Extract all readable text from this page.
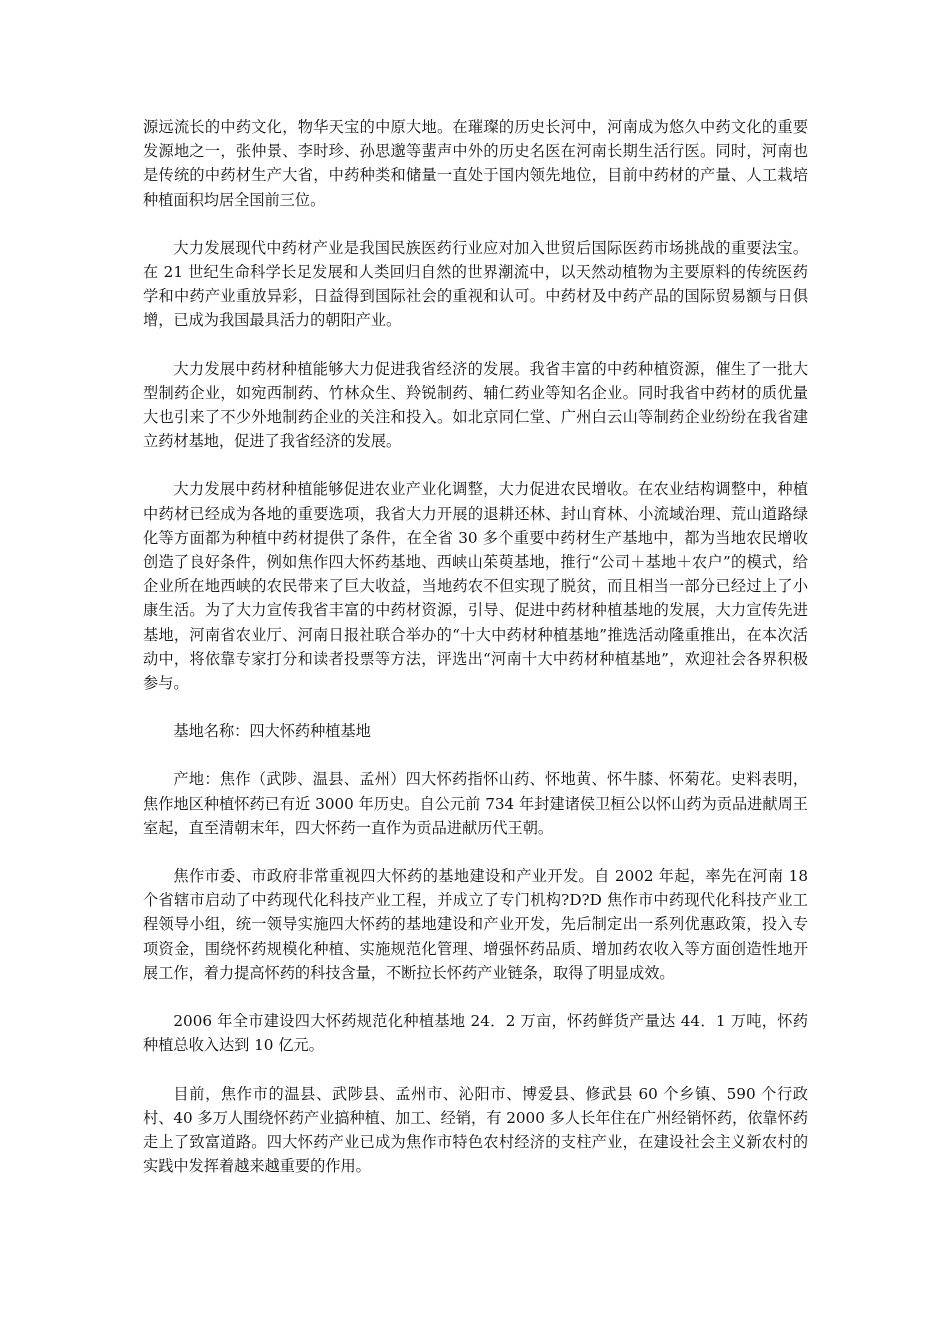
源远流长的中药文化，物华天宝的中原大地。在璀璨的历史长河中，河南成为悠久中药文化的重要发源地之一，张仲景、李时珍、孙思邈等蜚声中外的历史名医在河南长期生活行医。同时，河南也是传统的中药材生产大省，中药种类和储量一直处于国内领先地位，目前中药材的产量、人工栽培种植面积均居全国前三位。

大力发展现代中药材产业是我国民族医药行业应对加入世贸后国际医药市场挑战的重要法宝。在 21 世纪生命科学长足发展和人类回归自然的世界潮流中，以天然动植物为主要原料的传统医药学和中药产业重放异彩，日益得到国际社会的重视和认可。中药材及中药产品的国际贸易额与日俱增，已成为我国最具活力的朝阳产业。

大力发展中药材种植能够大力促进我省经济的发展。我省丰富的中药种植资源，催生了一批大型制药企业，如宛西制药、竹林众生、羚锐制药、辅仁药业等知名企业。同时我省中药材的质优量大也引来了不少外地制药企业的关注和投入。如北京同仁堂、广州白云山等制药企业纷纷在我省建立药材基地，促进了我省经济的发展。

大力发展中药材种植能够促进农业产业化调整，大力促进农民增收。在农业结构调整中，种植中药材已经成为各地的重要选项，我省大力开展的退耕还林、封山育林、小流域治理、荒山道路绿化等方面都为种植中药材提供了条件，在全省 30 多个重要中药材生产基地中，都为当地农民增收创造了良好条件，例如焦作四大怀药基地、西峡山茱萸基地，推行“公司＋基地＋农户”的模式，给企业所在地西峡的农民带来了巨大收益，当地药农不但实现了脱贫，而且相当一部分已经过上了小康生活。为了大力宣传我省丰富的中药材资源，引导、促进中药材种植基地的发展，大力宣传先进基地，河南省农业厅、河南日报社联合举办的“十大中药材种植基地”推选活动隆重推出，在本次活动中，将依靠专家打分和读者投票等方法，评选出“河南十大中药材种植基地”，欢迎社会各界积极参与。

基地名称：四大怀药种植基地

产地：焦作（武陟、温县、孟州）四大怀药指怀山药、怀地黄、怀牛膝、怀菊花。史料表明，焦作地区种植怀药已有近 3000 年历史。自公元前 734 年封建诸侯卫桓公以怀山药为贡品进献周王室起，直至清朝末年，四大怀药一直作为贡品进献历代王朝。

焦作市委、市政府非常重视四大怀药的基地建设和产业开发。自 2002 年起，率先在河南 18 个省辖市启动了中药现代化科技产业工程，并成立了专门机构?D?D 焦作市中药现代化科技产业工程领导小组，统一领导实施四大怀药的基地建设和产业开发，先后制定出一系列优惠政策，投入专项资金，围绕怀药规模化种植、实施规范化管理、增强怀药品质、增加药农收入等方面创造性地开展工作，着力提高怀药的科技含量，不断拉长怀药产业链条，取得了明显成效。

2006 年全市建设四大怀药规范化种植基地 24．2 万亩，怀药鲜货产量达 44．1 万吨，怀药种植总收入达到 10 亿元。

目前，焦作市的温县、武陟县、孟州市、沁阳市、博爱县、修武县 60 个乡镇、590 个行政村、40 多万人围绕怀药产业搞种植、加工、经销，有 2000 多人长年住在广州经销怀药，依靠怀药走上了致富道路。四大怀药产业已成为焦作市特色农村经济的支柱产业，在建设社会主义新农村的实践中发挥着越来越重要的作用。
